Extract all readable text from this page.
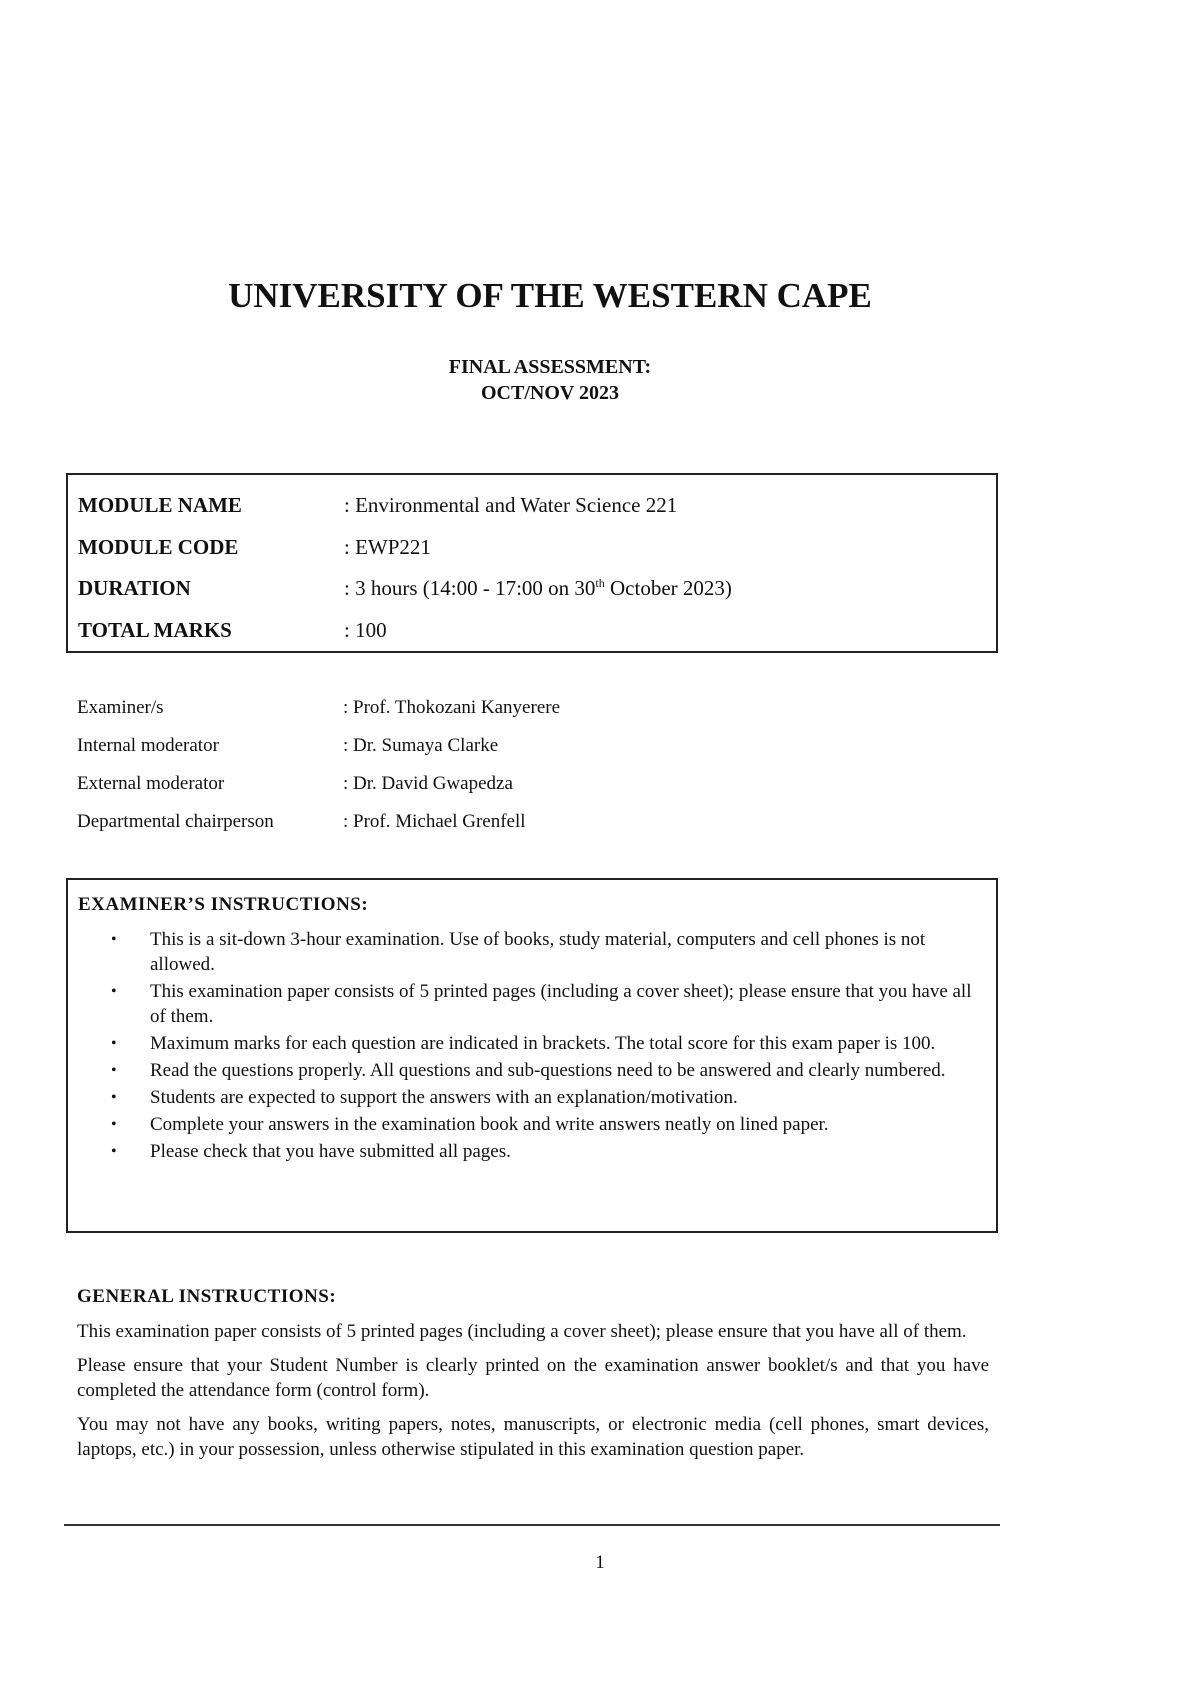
UNIVERSITY OF THE WESTERN CAPE
FINAL ASSESSMENT:
OCT/NOV 2023
MODULE NAME	: Environmental and Water Science 221
MODULE CODE	: EWP221
DURATION	: 3 hours (14:00 - 17:00 on 30th October 2023)
TOTAL MARKS	: 100
Examiner/s	: Prof. Thokozani Kanyerere
Internal moderator	: Dr. Sumaya Clarke
External moderator	: Dr. David Gwapedza
Departmental chairperson	: Prof. Michael Grenfell
EXAMINER’S INSTRUCTIONS:
• This is a sit-down 3-hour examination. Use of books, study material, computers and cell phones is not allowed.
• This examination paper consists of 5 printed pages (including a cover sheet); please ensure that you have all of them.
• Maximum marks for each question are indicated in brackets. The total score for this exam paper is 100.
• Read the questions properly. All questions and sub-questions need to be answered and clearly numbered.
• Students are expected to support the answers with an explanation/motivation.
• Complete your answers in the examination book and write answers neatly on lined paper.
• Please check that you have submitted all pages.
GENERAL INSTRUCTIONS:

This examination paper consists of 5 printed pages (including a cover sheet); please ensure that you have all of them.

Please ensure that your Student Number is clearly printed on the examination answer booklet/s and that you have completed the attendance form (control form).

You may not have any books, writing papers, notes, manuscripts, or electronic media (cell phones, smart devices, laptops, etc.) in your possession, unless otherwise stipulated in this examination question paper.

1
